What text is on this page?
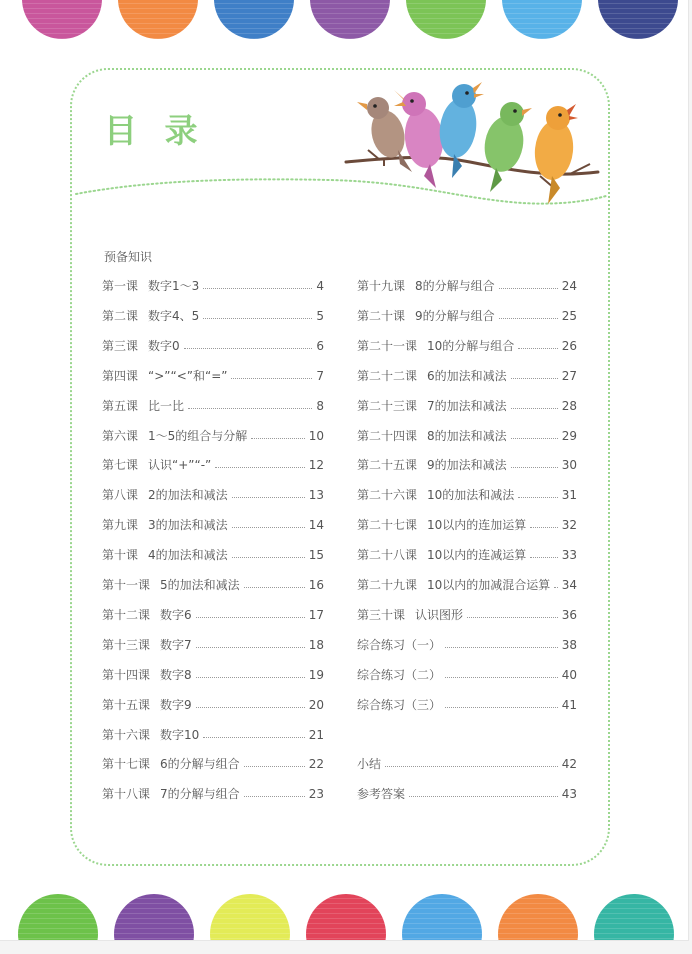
目 录
预备知识
第一课 数字1～3	4
第二课 数字4、5	5
第三课 数字0	6
第四课 “>”“<”和“=”	7
第五课 比一比	8
第六课 1～5的组合与分解	10
第七课 认识“+”“-”	12
第八课 2的加法和减法	13
第九课 3的加法和减法	14
第十课 4的加法和减法	15
第十一课 5的加法和减法	16
第十二课 数字6	17
第十三课 数字7	18
第十四课 数字8	19
第十五课 数字9	20
第十六课 数字10	21
第十七课 6的分解与组合	22
第十八课 7的分解与组合	23
第十九课 8的分解与组合	24
第二十课 9的分解与组合	25
第二十一课 10的分解与组合	26
第二十二课 6的加法和减法	27
第二十三课 7的加法和减法	28
第二十四课 8的加法和减法	29
第二十五课 9的加法和减法	30
第二十六课 10的加法和减法	31
第二十七课 10以内的连加运算	32
第二十八课 10以内的连减运算	33
第二十九课 10以内的加减混合运算 34
第三十课 认识图形	36
综合练习（一）	38
综合练习（二）	40
综合练习（三）	41
小结	42
参考答案	43
